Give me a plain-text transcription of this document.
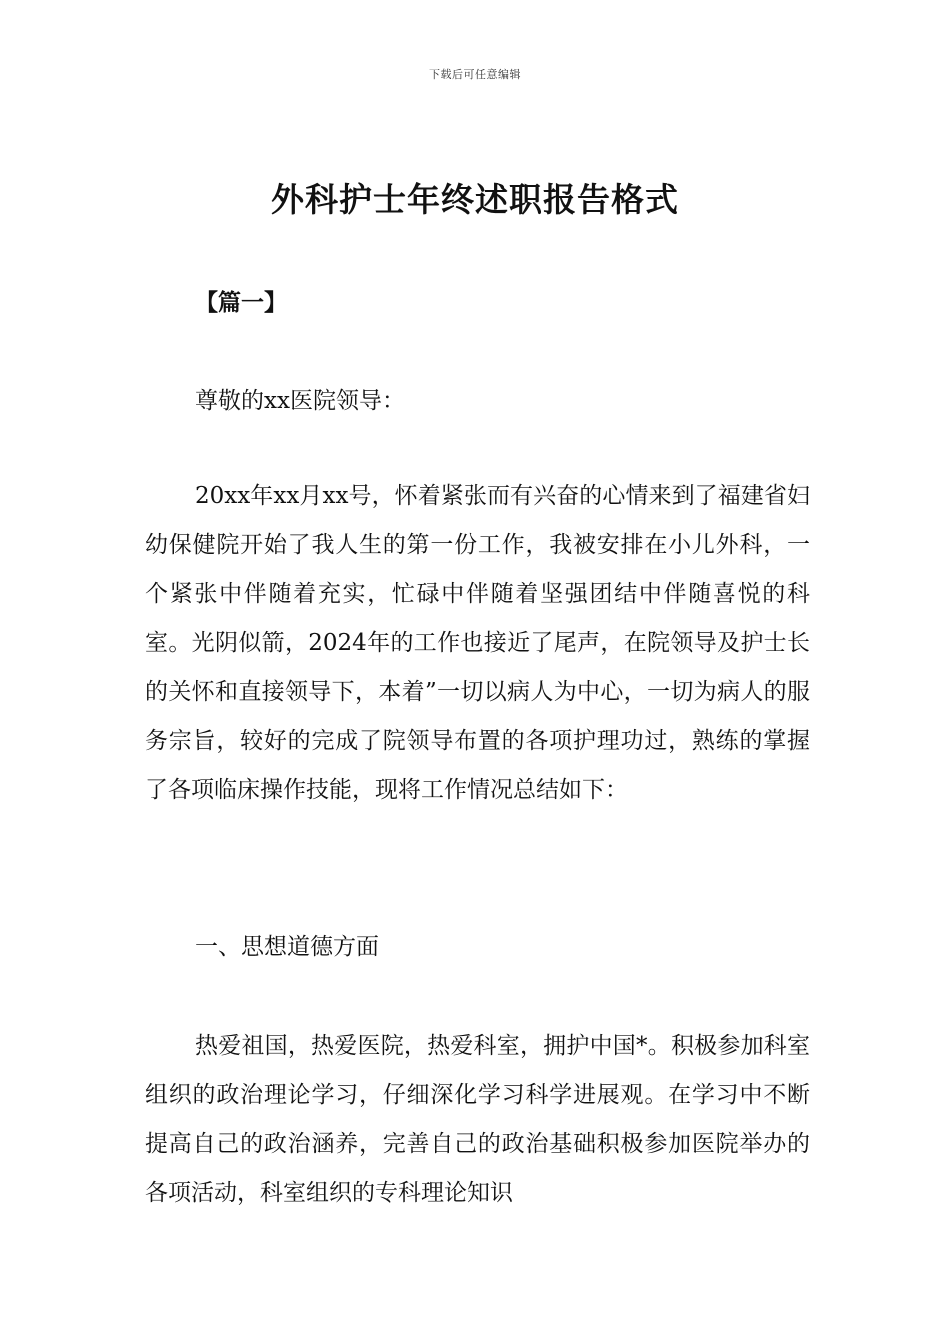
下载后可任意编辑
外科护士年终述职报告格式
【篇一】
尊敬的xx医院领导：
20xx年xx月xx号，怀着紧张而有兴奋的心情来到了福建省妇幼保健院开始了我人生的第一份工作，我被安排在小儿外科，一个紧张中伴随着充实，忙碌中伴随着坚强团结中伴随喜悦的科室。光阴似箭，2024年的工作也接近了尾声，在院领导及护士长的关怀和直接领导下，本着”一切以病人为中心，一切为病人的服务宗旨，较好的完成了院领导布置的各项护理功过，熟练的掌握了各项临床操作技能，现将工作情况总结如下：
一、思想道德方面
热爱祖国，热爱医院，热爱科室，拥护中国*。积极参加科室组织的政治理论学习，仔细深化学习科学进展观。在学习中不断提高自己的政治涵养，完善自己的政治基础积极参加医院举办的各项活动，科室组织的专科理论知识
